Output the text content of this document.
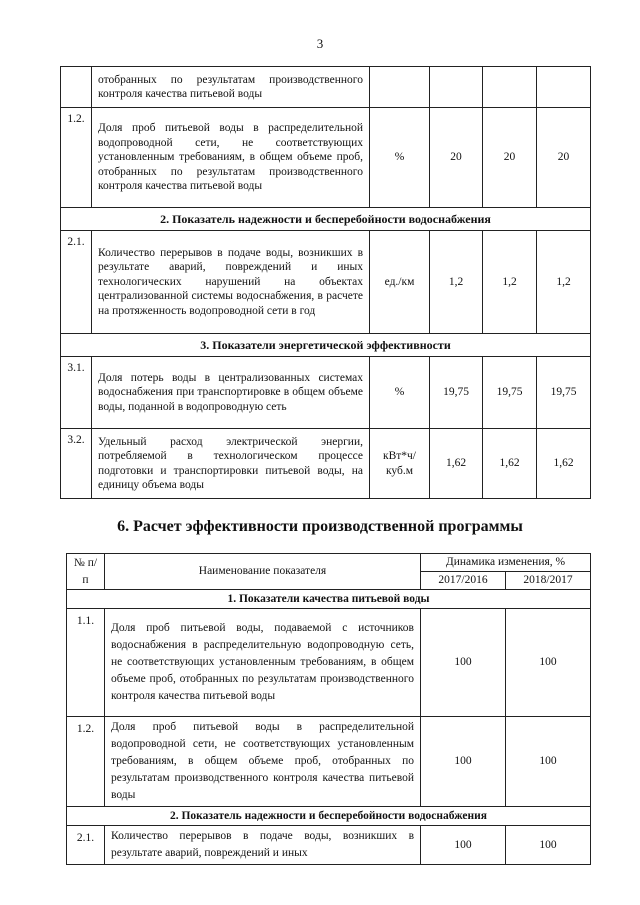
3
	отобранных по результатам производственного контроля качества питьевой воды				
1.2.	Доля проб питьевой воды в распределительной водопроводной сети, не соответствующих установленным требованиям, в общем объеме проб, отобранных по результатам производственного контроля качества питьевой воды	%	20	20	20
2. Показатель надежности и бесперебойности водоснабжения					
2.1.	Количество перерывов в подаче воды, возникших в результате аварий, повреждений и иных технологических нарушений на объектах централизованной системы водоснабжения, в расчете на протяженность водопроводной сети в год	ед./км	1,2	1,2	1,2
3. Показатели энергетической эффективности					
3.1.	Доля потерь воды в централизованных системах водоснабжения при транспортировке в общем объеме воды, поданной в водопроводную сеть	%	19,75	19,75	19,75
3.2.	Удельный расход электрической энергии, потребляемой в технологическом процессе подготовки и транспортировки питьевой воды, на единицу объема воды	кВт*ч/ куб.м	1,62	1,62	1,62
6. Расчет эффективности производственной программы
№ п/п	Наименование показателя	Динамика изменения, %	
		2017/2016	2018/2017
1. Показатели качества питьевой воды			
1.1.	Доля проб питьевой воды, подаваемой с источников водоснабжения в распределительную водопроводную сеть, не соответствующих установленным требованиям, в общем объеме проб, отобранных по результатам производственного контроля качества питьевой воды	100	100
1.2.	Доля проб питьевой воды в распределительной водопроводной сети, не соответствующих установленным требованиям, в общем объеме проб, отобранных по результатам производственного контроля качества питьевой воды	100	100
2. Показатель надежности и бесперебойности водоснабжения			
2.1.	Количество перерывов в подаче воды, возникших в результате аварий, повреждений и иных	100	100
